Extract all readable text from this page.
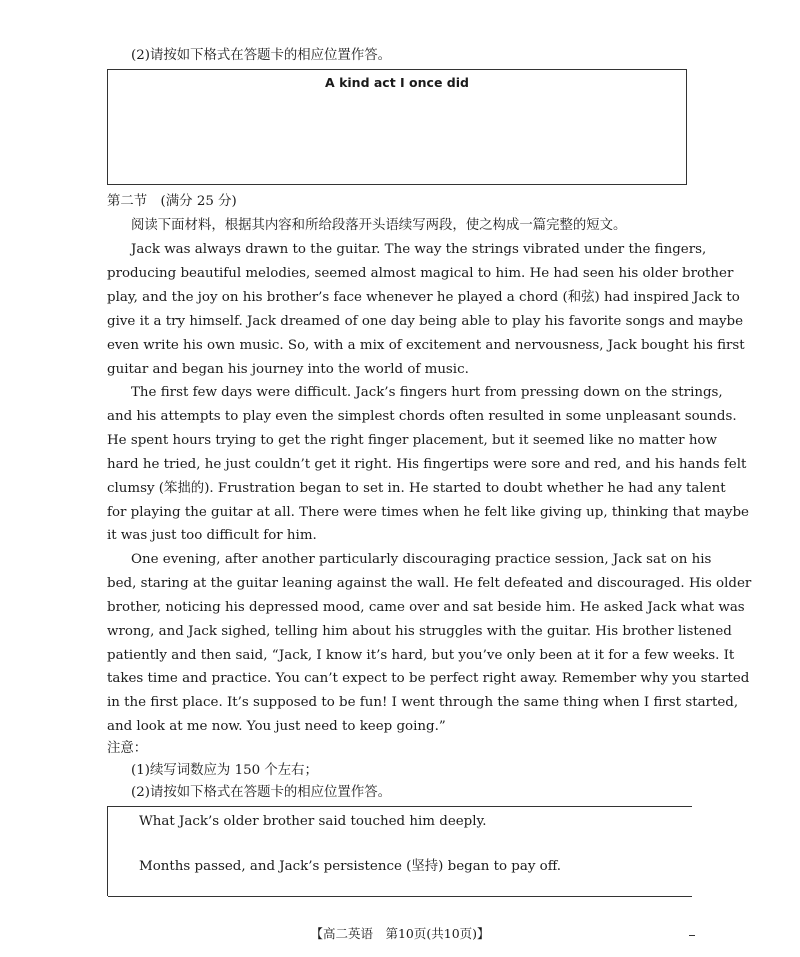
(2)请按如下格式在答题卡的相应位置作答。
A kind act I once did
第二节　(满分 25 分)
阅读下面材料，根据其内容和所给段落开头语续写两段，使之构成一篇完整的短文。
Jack was always drawn to the guitar. The way the strings vibrated under the fingers,
producing beautiful melodies, seemed almost magical to him. He had seen his older brother
play, and the joy on his brother’s face whenever he played a chord (和弦) had inspired Jack to
give it a try himself. Jack dreamed of one day being able to play his favorite songs and maybe
even write his own music. So, with a mix of excitement and nervousness, Jack bought his first
guitar and began his journey into the world of music.
The first few days were difficult. Jack’s fingers hurt from pressing down on the strings,
and his attempts to play even the simplest chords often resulted in some unpleasant sounds.
He spent hours trying to get the right finger placement, but it seemed like no matter how
hard he tried, he just couldn’t get it right. His fingertips were sore and red, and his hands felt
clumsy (笨拙的). Frustration began to set in. He started to doubt whether he had any talent
for playing the guitar at all. There were times when he felt like giving up, thinking that maybe
it was just too difficult for him.
One evening, after another particularly discouraging practice session, Jack sat on his
bed, staring at the guitar leaning against the wall. He felt defeated and discouraged. His older
brother, noticing his depressed mood, came over and sat beside him. He asked Jack what was
wrong, and Jack sighed, telling him about his struggles with the guitar. His brother listened
patiently and then said, “Jack, I know it’s hard, but you’ve only been at it for a few weeks. It
takes time and practice. You can’t expect to be perfect right away. Remember why you started
in the first place. It’s supposed to be fun! I went through the same thing when I first started,
and look at me now. You just need to keep going.”
注意：
(1)续写词数应为 150 个左右；
(2)请按如下格式在答题卡的相应位置作答。
What Jack’s older brother said touched him deeply.
Months passed, and Jack’s persistence (坚持) began to pay off.
【高二英语　第10页(共10页)】
